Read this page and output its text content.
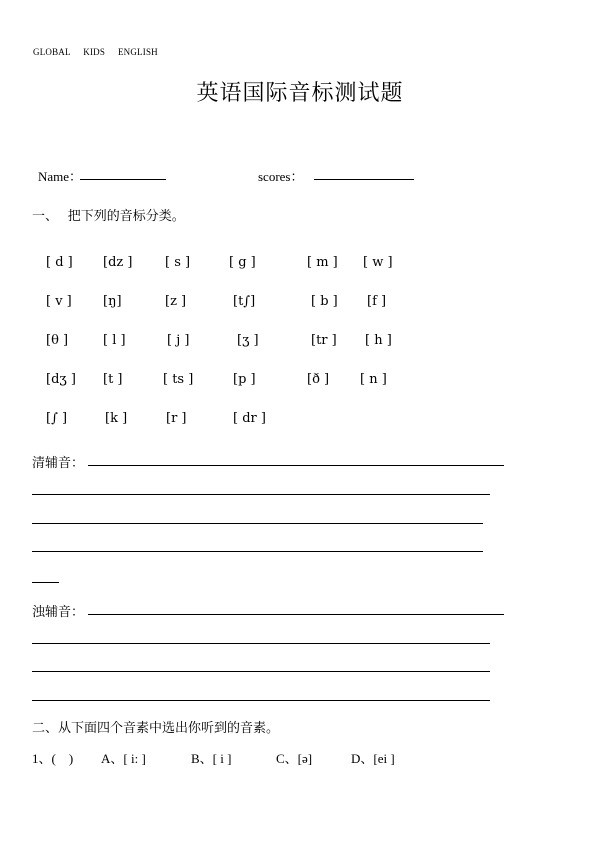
GLOBAL  KIDS  ENGLISH
英语国际音标测试题
Name：	scores：
一、   把下列的音标分类。
[ d ] [dz ]	[ s ]	[ g ]	[ m ] [ w ]
[ v ] [ŋ]	[z ]	[t∫]	[ b ] [f ]
[θ ]	[ l ]	[ j ]	[ʒ ]	[tr ] [ h ]
[dʒ ] [t ]	[ ts ]	[p ]	[ð ] [ n ]
[∫ ]	[k ]	[r ]	[ dr ]
清辅音：
浊辅音：
二、从下面四个音素中选出你听到的音素。
1、(    ) A、[ i: ]	B、[ i ]	C、[ə]	D、[ei ]
